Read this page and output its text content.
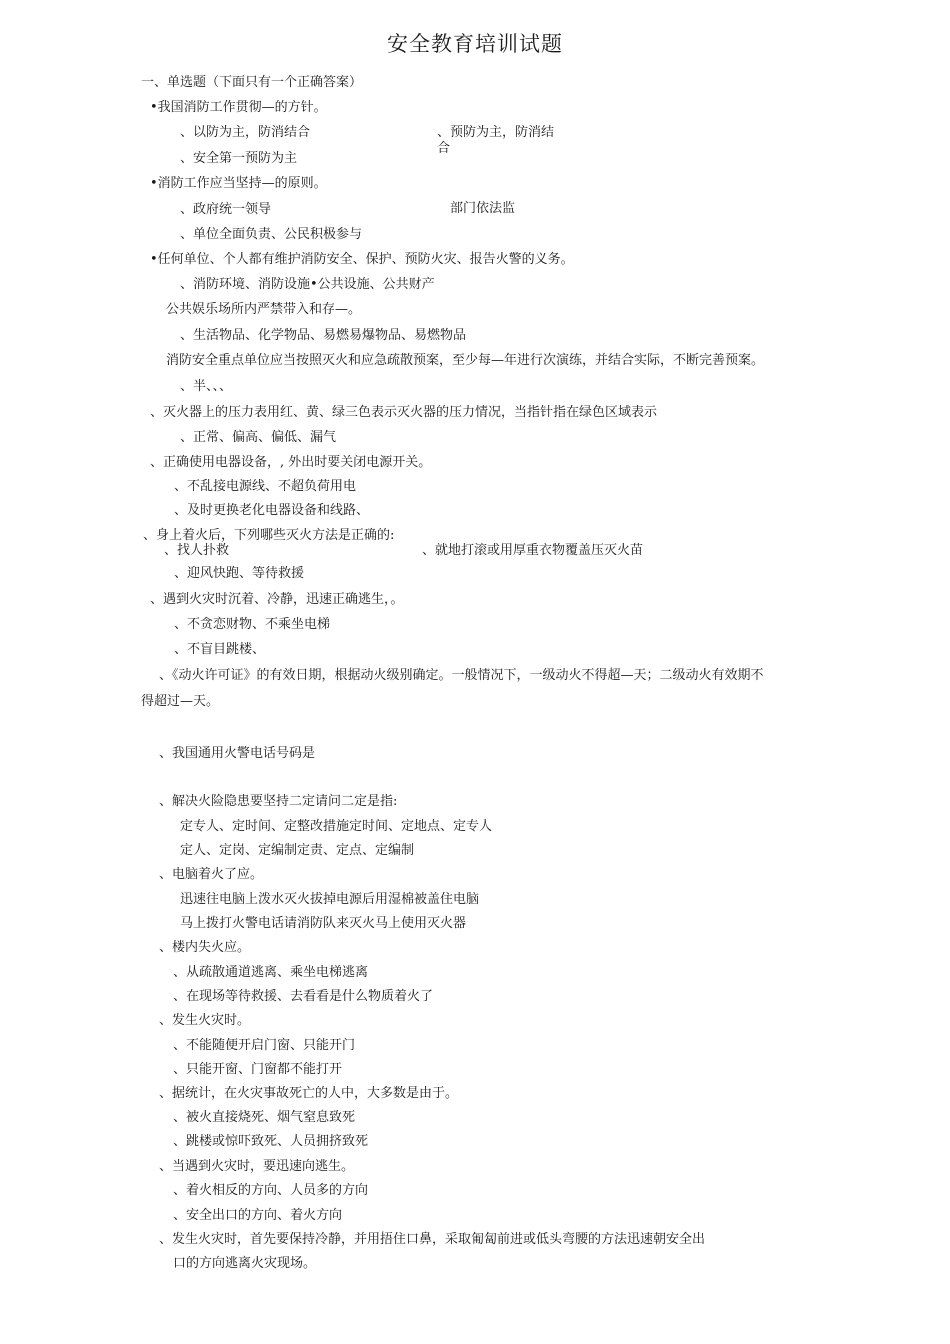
安全教育培训试题
一、单选题（下面只有一个正确答案）
•我国消防工作贯彻—的方针。
、以防为主，防消结合	、预防为主，防消结
合
、安全第一预防为主
•消防工作应当坚持—的原则。
、政府统一领导	部门依法监
、单位全面负责、公民积极参与
•任何单位、个人都有维护消防安全、保护、预防火灾、报告火警的义务。
、消防环境、消防设施•公共设施、公共财产
公共娱乐场所内严禁带入和存—。
、生活物品、化学物品、易燃易爆物品、易燃物品
消防安全重点单位应当按照灭火和应急疏散预案，至少每—年进行次演练，并结合实际，不断完善预案。
、半、、、
、灭火器上的压力表用红、黄、绿三色表示灭火器的压力情况，当指针指在绿色区域表示
、正常、偏高、偏低、漏气
、正确使用电器设备，, 外出时要关闭电源开关。
、不乱接电源线、不超负荷用电
、及时更换老化电器设备和线路、
、身上着火后，下列哪些灭火方法是正确的:
、找人扑救	、就地打滚或用厚重衣物覆盖压灭火苗
、迎风快跑、等待救援
、遇到火灾时沉着、冷静，迅速正确逃生，。
、不贪恋财物、不乘坐电梯
、不盲目跳楼、
、《动火许可证》的有效日期，根据动火级别确定。一般情况下，一级动火不得超—天；二级动火有效期不
得超过—天。
、我国通用火警电话号码是
、解决火险隐患要坚持二定请问二定是指:
定专人、定时间、定整改措施定时间、定地点、定专人
定人、定岗、定编制定责、定点、定编制
、电脑着火了应。
迅速往电脑上泼水灭火拔掉电源后用湿棉被盖住电脑
马上拨打火警电话请消防队来灭火马上使用灭火器
、楼内失火应。
、从疏散通道逃离、乘坐电梯逃离
、在现场等待救援、去看看是什么物质着火了
、发生火灾时。
、不能随便开启门窗、只能开门
、只能开窗、门窗都不能打开
、据统计，在火灾事故死亡的人中，大多数是由于。
、被火直接烧死、烟气窒息致死
、跳楼或惊吓致死、人员拥挤致死
、当遇到火灾时，要迅速向逃生。
、着火相反的方向、人员多的方向
、安全出口的方向、着火方向
、发生火灾时，首先要保持冷静，并用捂住口鼻，采取匍匐前进或低头弯腰的方法迅速朝安全出
口的方向逃离火灾现场。
